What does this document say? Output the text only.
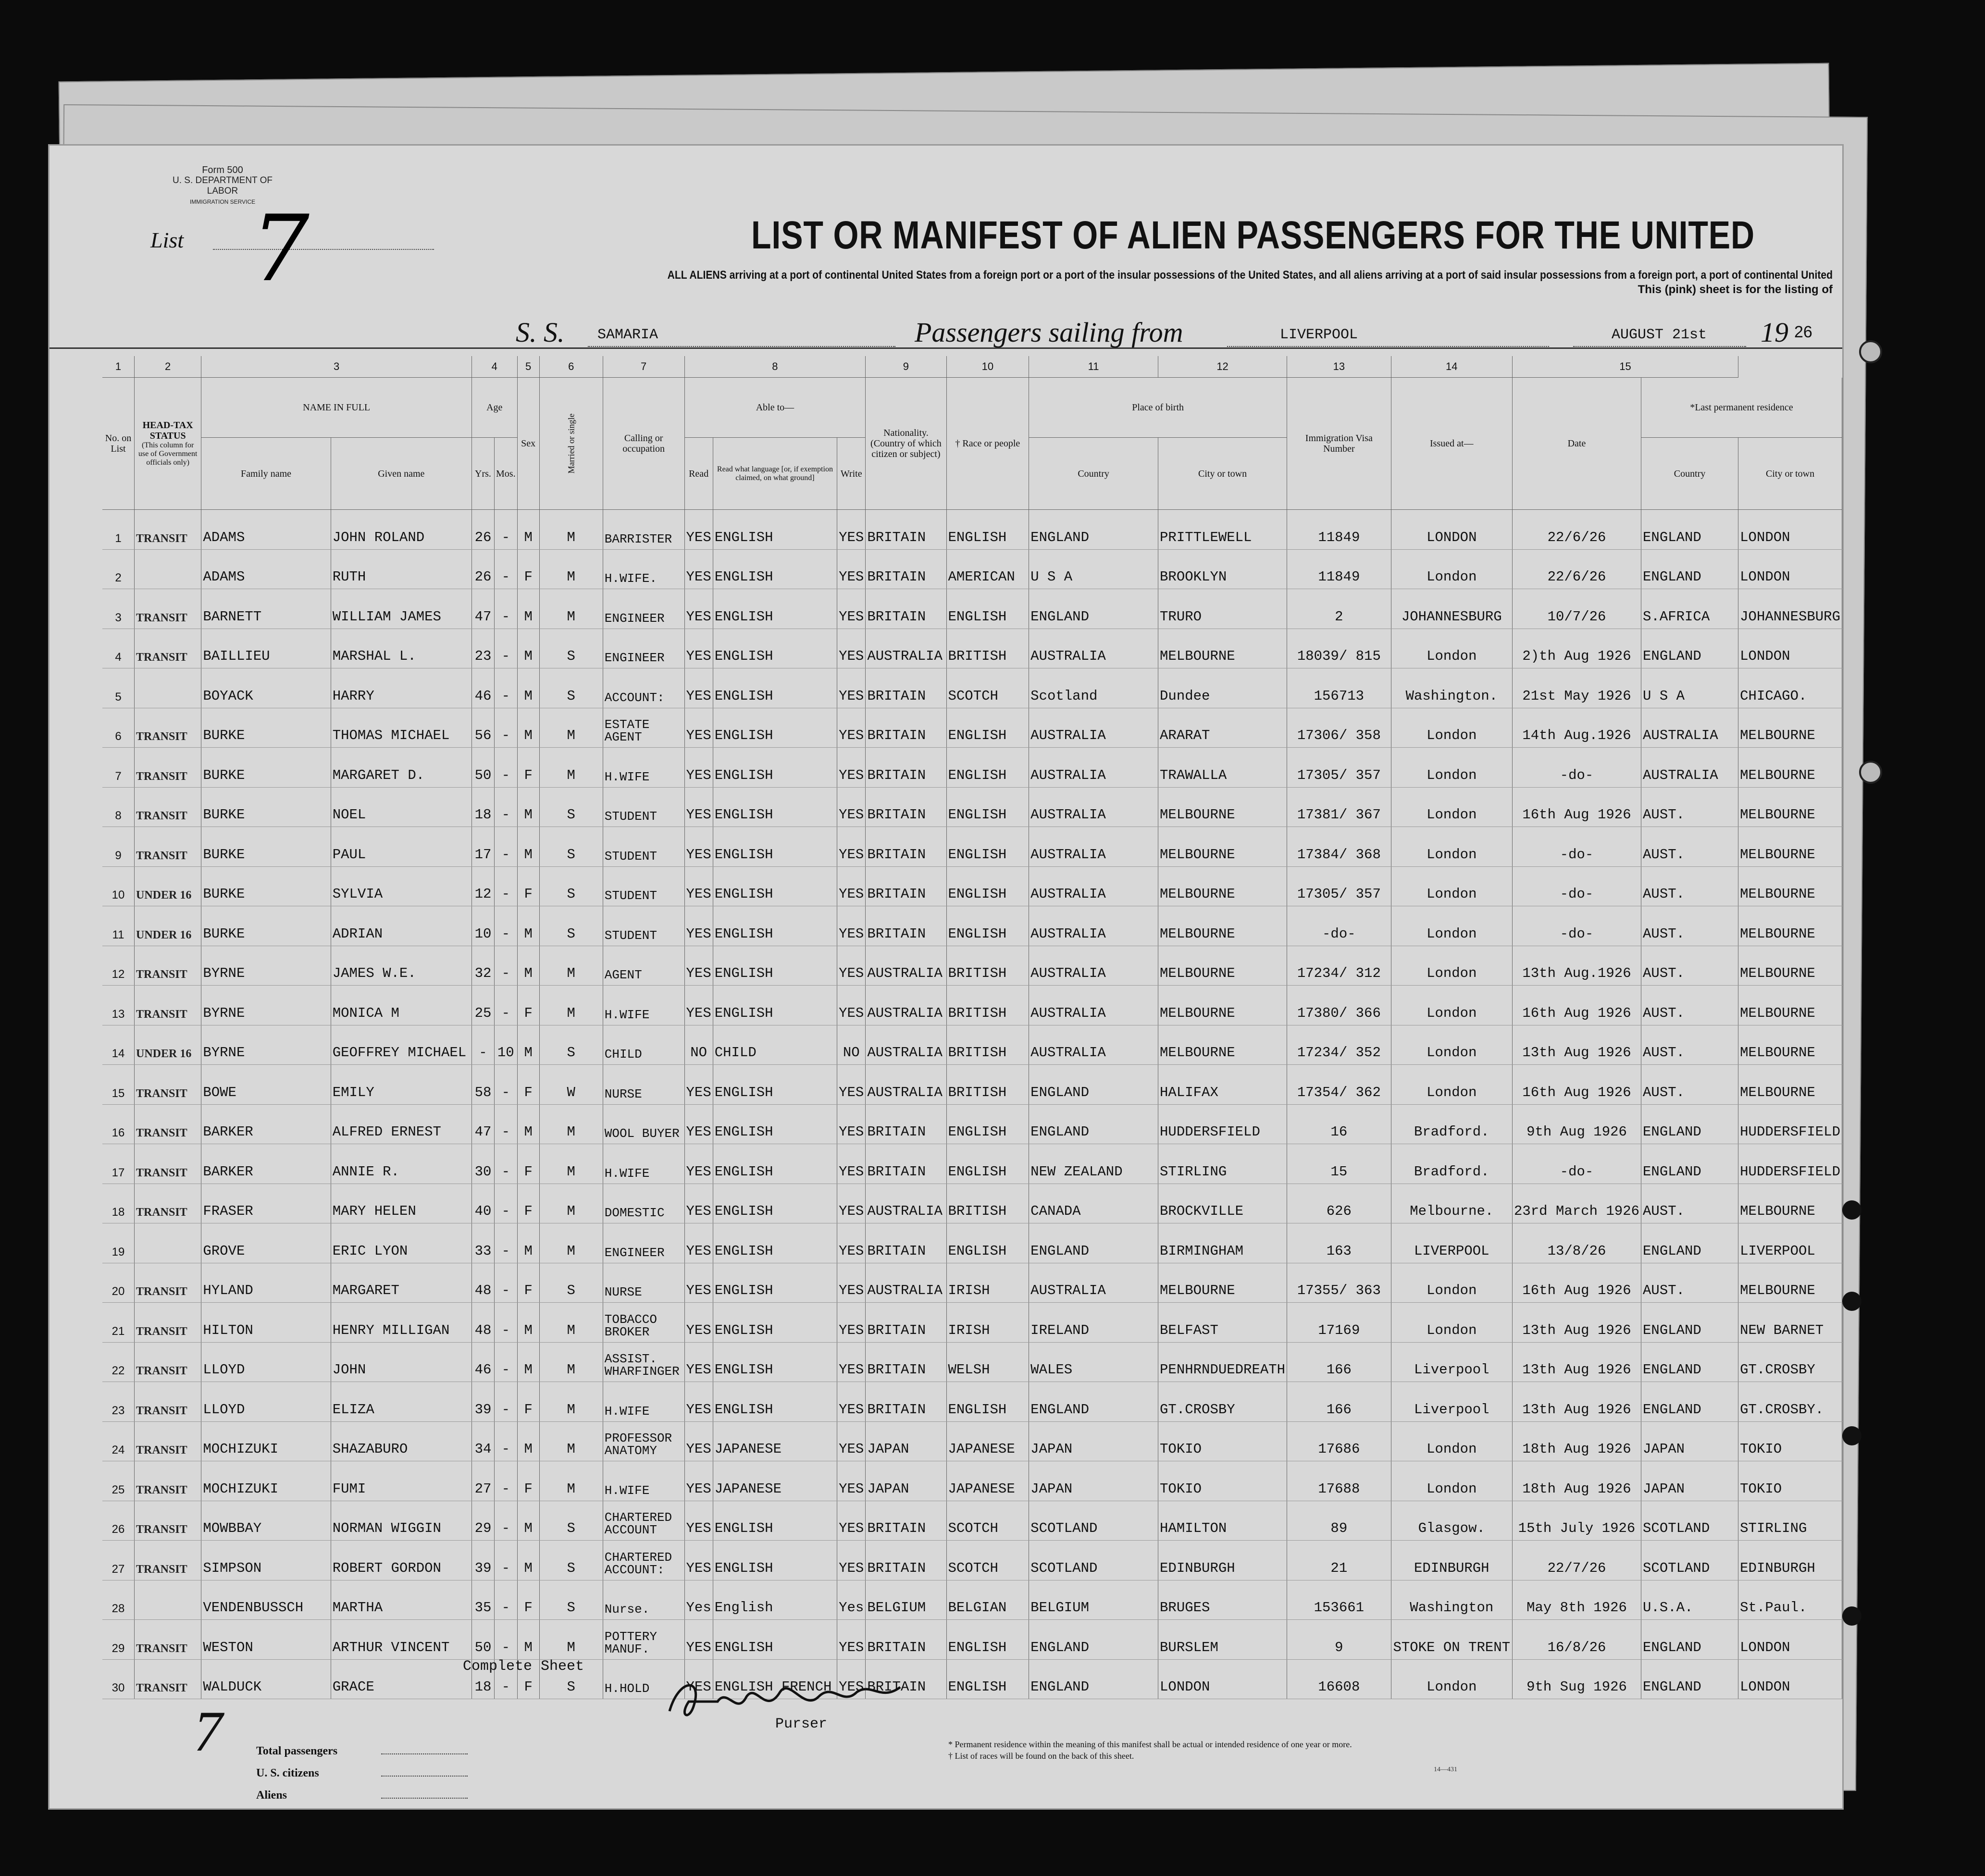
Form 500
U. S. DEPARTMENT OF LABOR
IMMIGRATION SERVICE
List 7	LIST OR MANIFEST OF ALIEN PASSENGERS FOR THE UNITED
ALL ALIENS arriving at a port of continental United States from a foreign port or a port of the insular possessions of the United States, and all aliens arriving at a port of said insular possessions from a foreign port, a port of continental United
This (pink) sheet is for the listing of
S. S. SAMARIA	Passengers sailing from	LIVERPOOL	AUGUST 21st 19 26
1	2	3		4		5	6	7	8			9	10	11	12	13	14	15		
No. on List	HEAD-TAX STATUS
(This column for use of Government officials only)	NAME IN FULL		Age		Sex	Married or single	Calling or occupation	Able to—			Nationality. (Country of which citizen or subject)	† Race or people	Place of birth		Immigration Visa Number	Issued at—	Date	*Last permanent residence	
		Family name	Given name	Yrs.	Mos.				Read	Read what language [or, if exemption claimed, on what ground]	Write			Country	City or town				Country	City or town
1	TRANSIT	ADAMS	JOHN ROLAND	26	-	M	M	BARRISTER	YES	ENGLISH	YES	BRITAIN	ENGLISH	ENGLAND	PRITTLEWELL	11849	LONDON	22/6/26	ENGLAND	LONDON
2		ADAMS	RUTH	26	-	F	M	H.WIFE.	YES	ENGLISH	YES	BRITAIN	AMERICAN	U S A	BROOKLYN	11849	London	22/6/26	ENGLAND	LONDON
3	TRANSIT	BARNETT	WILLIAM JAMES	47	-	M	M	ENGINEER	YES	ENGLISH	YES	BRITAIN	ENGLISH	ENGLAND	TRURO	2	JOHANNESBURG	10/7/26	S.AFRICA	JOHANNESBURG
4	TRANSIT	BAILLIEU	MARSHAL L.	23	-	M	S	ENGINEER	YES	ENGLISH	YES	AUSTRALIA	BRITISH	AUSTRALIA	MELBOURNE	18039/ 815	London	2)th Aug 1926	ENGLAND	LONDON
5		BOYACK	HARRY	46	-	M	S	ACCOUNT:	YES	ENGLISH	YES	BRITAIN	SCOTCH	Scotland	Dundee	156713	Washington.	21st May 1926	U S A	CHICAGO.
6	TRANSIT	BURKE	THOMAS MICHAEL	56	-	M	M	ESTATE AGENT	YES	ENGLISH	YES	BRITAIN	ENGLISH	AUSTRALIA	ARARAT	17306/ 358	London	14th Aug.1926	AUSTRALIA	MELBOURNE
7	TRANSIT	BURKE	MARGARET D.	50	-	F	M	H.WIFE	YES	ENGLISH	YES	BRITAIN	ENGLISH	AUSTRALIA	TRAWALLA	17305/ 357	London	-do-	AUSTRALIA	MELBOURNE
8	TRANSIT	BURKE	NOEL	18	-	M	S	STUDENT	YES	ENGLISH	YES	BRITAIN	ENGLISH	AUSTRALIA	MELBOURNE	17381/ 367	London	16th Aug 1926	AUST.	MELBOURNE
9	TRANSIT	BURKE	PAUL	17	-	M	S	STUDENT	YES	ENGLISH	YES	BRITAIN	ENGLISH	AUSTRALIA	MELBOURNE	17384/ 368	London	-do-	AUST.	MELBOURNE
10	UNDER 16	BURKE	SYLVIA	12	-	F	S	STUDENT	YES	ENGLISH	YES	BRITAIN	ENGLISH	AUSTRALIA	MELBOURNE	17305/ 357	London	-do-	AUST.	MELBOURNE
11	UNDER 16	BURKE	ADRIAN	10	-	M	S	STUDENT	YES	ENGLISH	YES	BRITAIN	ENGLISH	AUSTRALIA	MELBOURNE	-do-	London	-do-	AUST.	MELBOURNE
12	TRANSIT	BYRNE	JAMES W.E.	32	-	M	M	AGENT	YES	ENGLISH	YES	AUSTRALIA	BRITISH	AUSTRALIA	MELBOURNE	17234/ 312	London	13th Aug.1926	AUST.	MELBOURNE
13	TRANSIT	BYRNE	MONICA M	25	-	F	M	H.WIFE	YES	ENGLISH	YES	AUSTRALIA	BRITISH	AUSTRALIA	MELBOURNE	17380/ 366	London	16th Aug 1926	AUST.	MELBOURNE
14	UNDER 16	BYRNE	GEOFFREY MICHAEL	-	10	M	S	CHILD	NO	CHILD	NO	AUSTRALIA	BRITISH	AUSTRALIA	MELBOURNE	17234/ 352	London	13th Aug 1926	AUST.	MELBOURNE
15	TRANSIT	BOWE	EMILY	58	-	F	W	NURSE	YES	ENGLISH	YES	AUSTRALIA	BRITISH	ENGLAND	HALIFAX	17354/ 362	London	16th Aug 1926	AUST.	MELBOURNE
16	TRANSIT	BARKER	ALFRED ERNEST	47	-	M	M	WOOL BUYER	YES	ENGLISH	YES	BRITAIN	ENGLISH	ENGLAND	HUDDERSFIELD	16	Bradford.	9th Aug 1926	ENGLAND	HUDDERSFIELD
17	TRANSIT	BARKER	ANNIE R.	30	-	F	M	H.WIFE	YES	ENGLISH	YES	BRITAIN	ENGLISH	NEW ZEALAND	STIRLING	15	Bradford.	-do-	ENGLAND	HUDDERSFIELD
18	TRANSIT	FRASER	MARY HELEN	40	-	F	M	DOMESTIC	YES	ENGLISH	YES	AUSTRALIA	BRITISH	CANADA	BROCKVILLE	626	Melbourne.	23rd March 1926	AUST.	MELBOURNE
19		GROVE	ERIC LYON	33	-	M	M	ENGINEER	YES	ENGLISH	YES	BRITAIN	ENGLISH	ENGLAND	BIRMINGHAM	163	LIVERPOOL	13/8/26	ENGLAND	LIVERPOOL
20	TRANSIT	HYLAND	MARGARET	48	-	F	S	NURSE	YES	ENGLISH	YES	AUSTRALIA	IRISH	AUSTRALIA	MELBOURNE	17355/ 363	London	16th Aug 1926	AUST.	MELBOURNE
21	TRANSIT	HILTON	HENRY MILLIGAN	48	-	M	M	TOBACCO BROKER	YES	ENGLISH	YES	BRITAIN	IRISH	IRELAND	BELFAST	17169	London	13th Aug 1926	ENGLAND	NEW BARNET
22	TRANSIT	LLOYD	JOHN	46	-	M	M	ASSIST. WHARFINGER	YES	ENGLISH	YES	BRITAIN	WELSH	WALES	PENHRNDUEDREATH	166	Liverpool	13th Aug 1926	ENGLAND	GT.CROSBY
23	TRANSIT	LLOYD	ELIZA	39	-	F	M	H.WIFE	YES	ENGLISH	YES	BRITAIN	ENGLISH	ENGLAND	GT.CROSBY	166	Liverpool	13th Aug 1926	ENGLAND	GT.CROSBY.
24	TRANSIT	MOCHIZUKI	SHAZABURO	34	-	M	M	PROFESSOR ANATOMY	YES	JAPANESE	YES	JAPAN	JAPANESE	JAPAN	TOKIO	17686	London	18th Aug 1926	JAPAN	TOKIO
25	TRANSIT	MOCHIZUKI	FUMI	27	-	F	M	H.WIFE	YES	JAPANESE	YES	JAPAN	JAPANESE	JAPAN	TOKIO	17688	London	18th Aug 1926	JAPAN	TOKIO
26	TRANSIT	MOWBBAY	NORMAN WIGGIN	29	-	M	S	CHARTERED ACCOUNT	YES	ENGLISH	YES	BRITAIN	SCOTCH	SCOTLAND	HAMILTON	89	Glasgow.	15th July 1926	SCOTLAND	STIRLING
27	TRANSIT	SIMPSON	ROBERT GORDON	39	-	M	S	CHARTERED ACCOUNT:	YES	ENGLISH	YES	BRITAIN	SCOTCH	SCOTLAND	EDINBURGH	21	EDINBURGH	22/7/26	SCOTLAND	EDINBURGH
28		VENDENBUSSCH	MARTHA	35	-	F	S	Nurse.	Yes	English	Yes	BELGIUM	BELGIAN	BELGIUM	BRUGES	153661	Washington	May 8th 1926	U.S.A.	St.Paul.
29	TRANSIT	WESTON	ARTHUR VINCENT	50	-	M	M	POTTERY MANUF.	YES	ENGLISH	YES	BRITAIN	ENGLISH	ENGLAND	BURSLEM	9	STOKE ON TRENT	16/8/26	ENGLAND	LONDON
30	TRANSIT	WALDUCK	GRACE	18	-	F	S	H.HOLD	YES	ENGLISH FRENCH	YES	BRITAIN	ENGLISH	ENGLAND	LONDON	16608	London	9th Sug 1926	ENGLAND	LONDON
Complete Sheet
Purser
7	Total passengers
U. S. citizens
Aliens
* Permanent residence within the meaning of this manifest shall be actual or intended residence of one year or more.
† List of races will be found on the back of this sheet.
14—431
